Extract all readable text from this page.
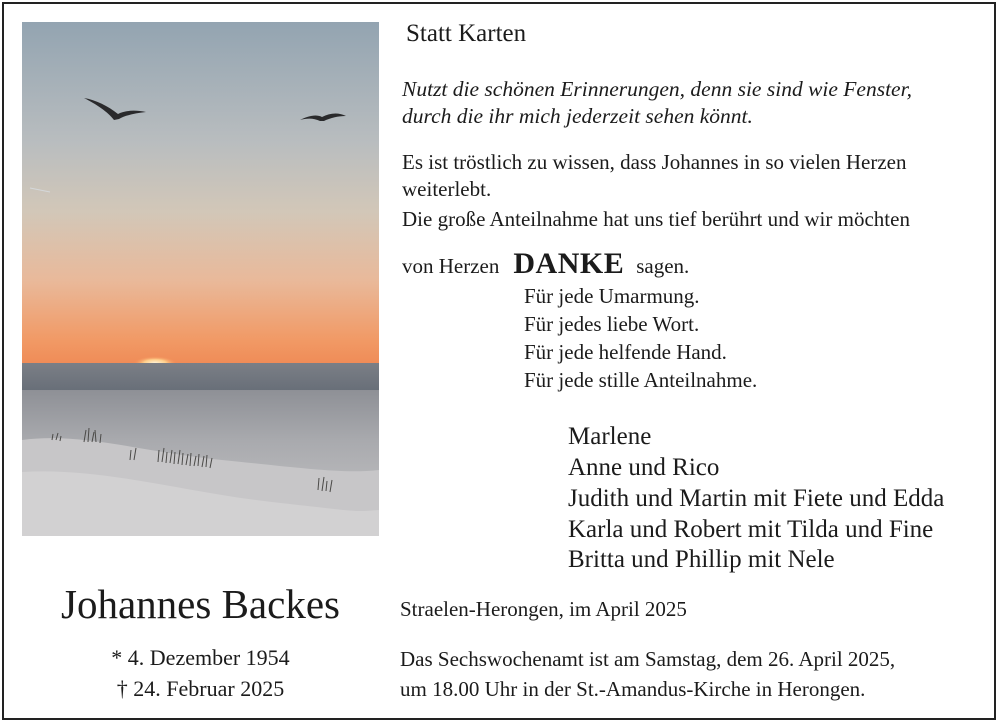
Statt Karten
Nutzt die schönen Erinnerungen, denn sie sind wie Fenster,
durch die ihr mich jederzeit sehen könnt.
Es ist tröstlich zu wissen, dass Johannes in so vielen Herzen
weiterlebt.
Die große Anteilnahme hat uns tief berührt und wir möchten
von Herzen DANKE sagen.
Für jede Umarmung.
Für jedes liebe Wort.
Für jede helfende Hand.
Für jede stille Anteilnahme.
Marlene
Anne und Rico
Judith und Martin mit Fiete und Edda
Karla und Robert mit Tilda und Fine
Britta und Phillip mit Nele
Johannes Backes
* 4. Dezember 1954
† 24. Februar 2025
Straelen-Herongen, im April 2025
Das Sechswochenamt ist am Samstag, dem 26. April 2025,
um 18.00 Uhr in der St.-Amandus-Kirche in Herongen.
